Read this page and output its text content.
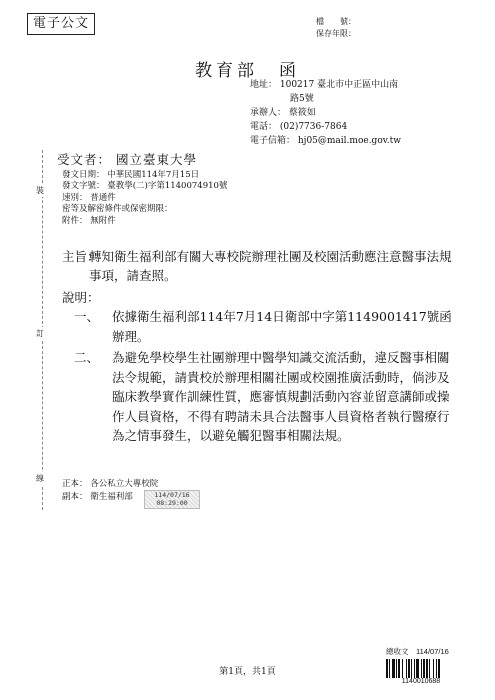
電子公文	檔　　號：
保存年限：
教育部　函
地址： 100217 臺北市中正區中山南
路5號
承辦人： 蔡筱如
電話： (02)7736-7864
電子信箱： hj05@mail.moe.gov.tw
裝
訂
線
受文者： 國立臺東大學
發文日期： 中華民國114年7月15日
發文字號： 臺教學(二)字第1140074910號
速別： 普通件
密等及解密條件或保密期限：
附件： 無附件
主旨：
轉知衛生福利部有關大專校院辦理社團及校園活動應注意醫事法規事項，請查照。
說明：
一、 依據衛生福利部114年7月14日衛部中字第1149001417號函辦理。
二、 為避免學校學生社團辦理中醫學知識交流活動，違反醫事相關法令規範，請貴校於辦理相關社團或校園推廣活動時，倘涉及臨床教學實作訓練性質，應審慎規劃活動內容並留意講師或操作人員資格，不得有聘請未具合法醫事人員資格者執行醫療行為之情事發生，以避免觸犯醫事相關法規。
正本： 各公私立大專校院
副本： 衛生福利部	114/07/16
08:29:00
總收文　114/07/16
1140010688
第1頁，共1頁
